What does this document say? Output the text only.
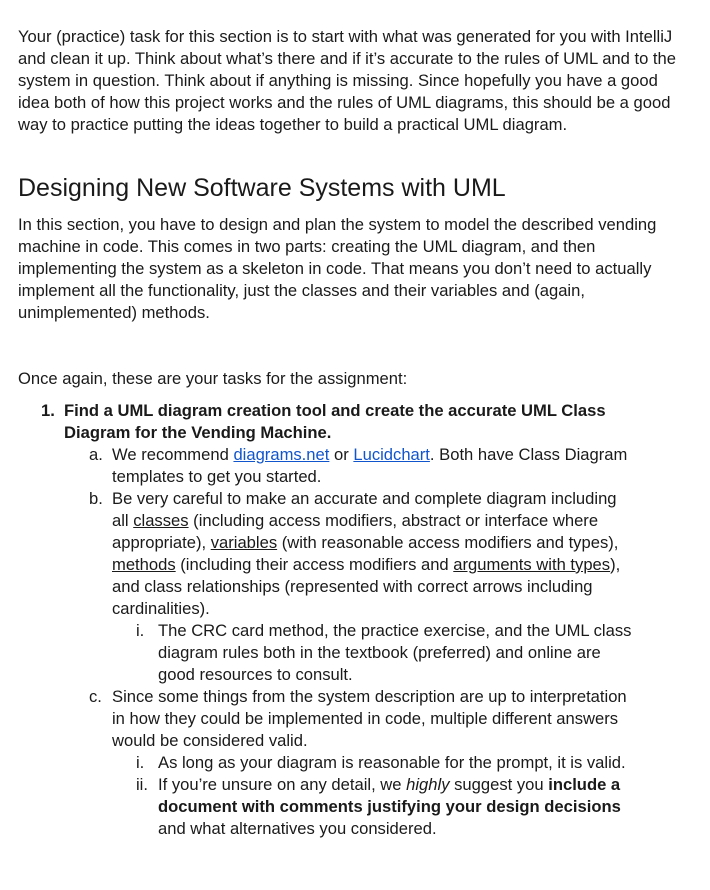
Your (practice) task for this section is to start with what was generated for you with IntelliJ and clean it up. Think about what’s there and if it’s accurate to the rules of UML and to the system in question. Think about if anything is missing. Since hopefully you have a good idea both of how this project works and the rules of UML diagrams, this should be a good way to practice putting the ideas together to build a practical UML diagram.

Designing New Software Systems with UML

In this section, you have to design and plan the system to model the described vending machine in code. This comes in two parts: creating the UML diagram, and then implementing the system as a skeleton in code. That means you don’t need to actually implement all the functionality, just the classes and their variables and (again, unimplemented) methods.

Once again, these are your tasks for the assignment:

1. Find a UML diagram creation tool and create the accurate UML Class Diagram for the Vending Machine.
a. We recommend diagrams.net or Lucidchart. Both have Class Diagram templates to get you started.
b. Be very careful to make an accurate and complete diagram including all classes (including access modifiers, abstract or interface where appropriate), variables (with reasonable access modifiers and types), methods (including their access modifiers and arguments with types), and class relationships (represented with correct arrows including cardinalities).
i. The CRC card method, the practice exercise, and the UML class diagram rules both in the textbook (preferred) and online are good resources to consult.
c. Since some things from the system description are up to interpretation in how they could be implemented in code, multiple different answers would be considered valid.
i. As long as your diagram is reasonable for the prompt, it is valid.
ii. If you’re unsure on any detail, we highly suggest you include a document with comments justifying your design decisions and what alternatives you considered.
